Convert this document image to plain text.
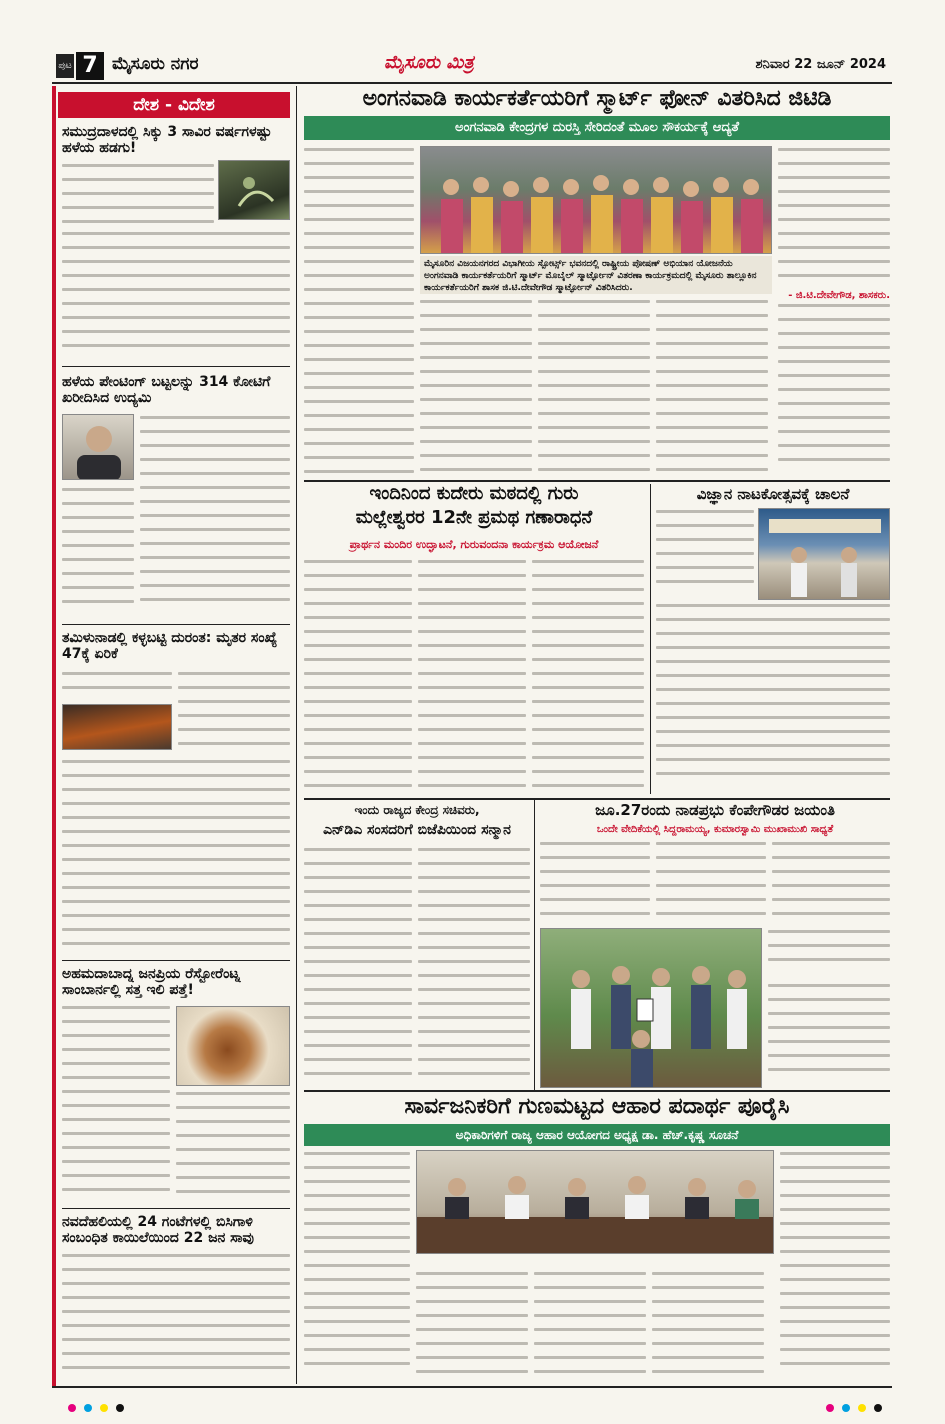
ಪುಟ 7 ಮೈಸೂರು ನಗರ	ಮೈಸೂರು ಮಿತ್ರ	ಶನಿವಾರ 22 ಜೂನ್ 2024
ದೇಶ - ವಿದೇಶ
ಸಮುದ್ರದಾಳದಲ್ಲಿ ಸಿಕ್ಕು 3 ಸಾವಿರ ವರ್ಷಗಳಷ್ಟು ಹಳೆಯ ಹಡಗು!
ಹಳೆಯ ಪೇಂಟಿಂಗ್ ಬಟ್ಟಲನ್ನು 314 ಕೋಟಿಗೆ ಖರೀದಿಸಿದ ಉದ್ಯಮಿ
ತಮಿಳುನಾಡಲ್ಲಿ ಕಳ್ಳಬಟ್ಟಿ ದುರಂತ: ಮೃತರ ಸಂಖ್ಯೆ 47ಕ್ಕೆ ಏರಿಕೆ
ಅಹಮದಾಬಾದ್ನ ಜನಪ್ರಿಯ ರೆಸ್ಟೋರೆಂಟ್ನ ಸಾಂಬಾರ್ನಲ್ಲಿ ಸತ್ತ ಇಲಿ ಪತ್ತೆ!
ನವದೆಹಲಿಯಲ್ಲಿ 24 ಗಂಟೆಗಳಲ್ಲಿ ಬಿಸಿಗಾಳಿ ಸಂಬಂಧಿತ ಕಾಯಿಲೆಯಿಂದ 22 ಜನ ಸಾವು
ಅಂಗನವಾಡಿ ಕಾರ್ಯಕರ್ತೆಯರಿಗೆ ಸ್ಮಾರ್ಟ್ ಫೋನ್ ವಿತರಿಸಿದ ಜಿಟಿಡಿ
ಅಂಗನವಾಡಿ ಕೇಂದ್ರಗಳ ದುರಸ್ತಿ ಸೇರಿದಂತೆ ಮೂಲ ಸೌಕರ್ಯಕ್ಕೆ ಆದ್ಯತೆ
ಮೈಸೂರಿನ ವಿಜಯನಗರದ ವಿಭಾಗೀಯ ಸ್ಪೋರ್ಟ್ಸ್ ಭವನದಲ್ಲಿ ರಾಷ್ಟ್ರೀಯ ಪೋಷಣ್ ಅಭಿಯಾನ ಯೋಜನೆಯ ಅಂಗನವಾಡಿ ಕಾರ್ಯಕರ್ತೆಯರಿಗೆ ಸ್ಮಾರ್ಟ್ ಮೊಬೈಲ್ ಸ್ಮಾರ್ಟ್ಫೋನ್ ವಿತರಣಾ ಕಾರ್ಯಕ್ರಮದಲ್ಲಿ ಮೈಸೂರು ತಾಲ್ಲೂಕಿನ ಕಾರ್ಯಕರ್ತೆಯರಿಗೆ ಶಾಸಕ ಜಿ.ಟಿ.ದೇವೇಗೌಡ ಸ್ಮಾರ್ಟ್ಫೋನ್ ವಿತರಿಸಿದರು.
- ಜಿ.ಟಿ.ದೇವೇಗೌಡ, ಶಾಸಕರು.
ಇಂದಿನಿಂದ ಕುದೇರು ಮಠದಲ್ಲಿ ಗುರು
ಮಲ್ಲೇಶ್ವರರ 12ನೇ ಪ್ರಮಥ ಗಣಾರಾಧನೆ
ಪ್ರಾರ್ಥನ ಮಂದಿರ ಉದ್ಘಾಟನೆ, ಗುರುವಂದನಾ ಕಾರ್ಯಕ್ರಮ ಆಯೋಜನೆ
ವಿಜ್ಞಾನ ನಾಟಕೋತ್ಸವಕ್ಕೆ ಚಾಲನೆ
ಇಂದು ರಾಜ್ಯದ ಕೇಂದ್ರ ಸಚಿವರು,
ಎನ್‌ಡಿಎ ಸಂಸದರಿಗೆ ಬಿಜೆಪಿಯಿಂದ ಸನ್ಮಾನ
ಜೂ.27ರಂದು ನಾಡಪ್ರಭು ಕೆಂಪೇಗೌಡರ ಜಯಂತಿ
ಒಂದೇ ವೇದಿಕೆಯಲ್ಲಿ ಸಿದ್ದರಾಮಯ್ಯ, ಕುಮಾರಸ್ವಾಮಿ ಮುಖಾಮುಖಿ ಸಾಧ್ಯತೆ
ಸಾರ್ವಜನಿಕರಿಗೆ ಗುಣಮಟ್ಟದ ಆಹಾರ ಪದಾರ್ಥ ಪೂರೈಸಿ
ಅಧಿಕಾರಿಗಳಿಗೆ ರಾಜ್ಯ ಆಹಾರ ಆಯೋಗದ ಅಧ್ಯಕ್ಷ ಡಾ. ಹೆಚ್.ಕೃಷ್ಣ ಸೂಚನೆ
